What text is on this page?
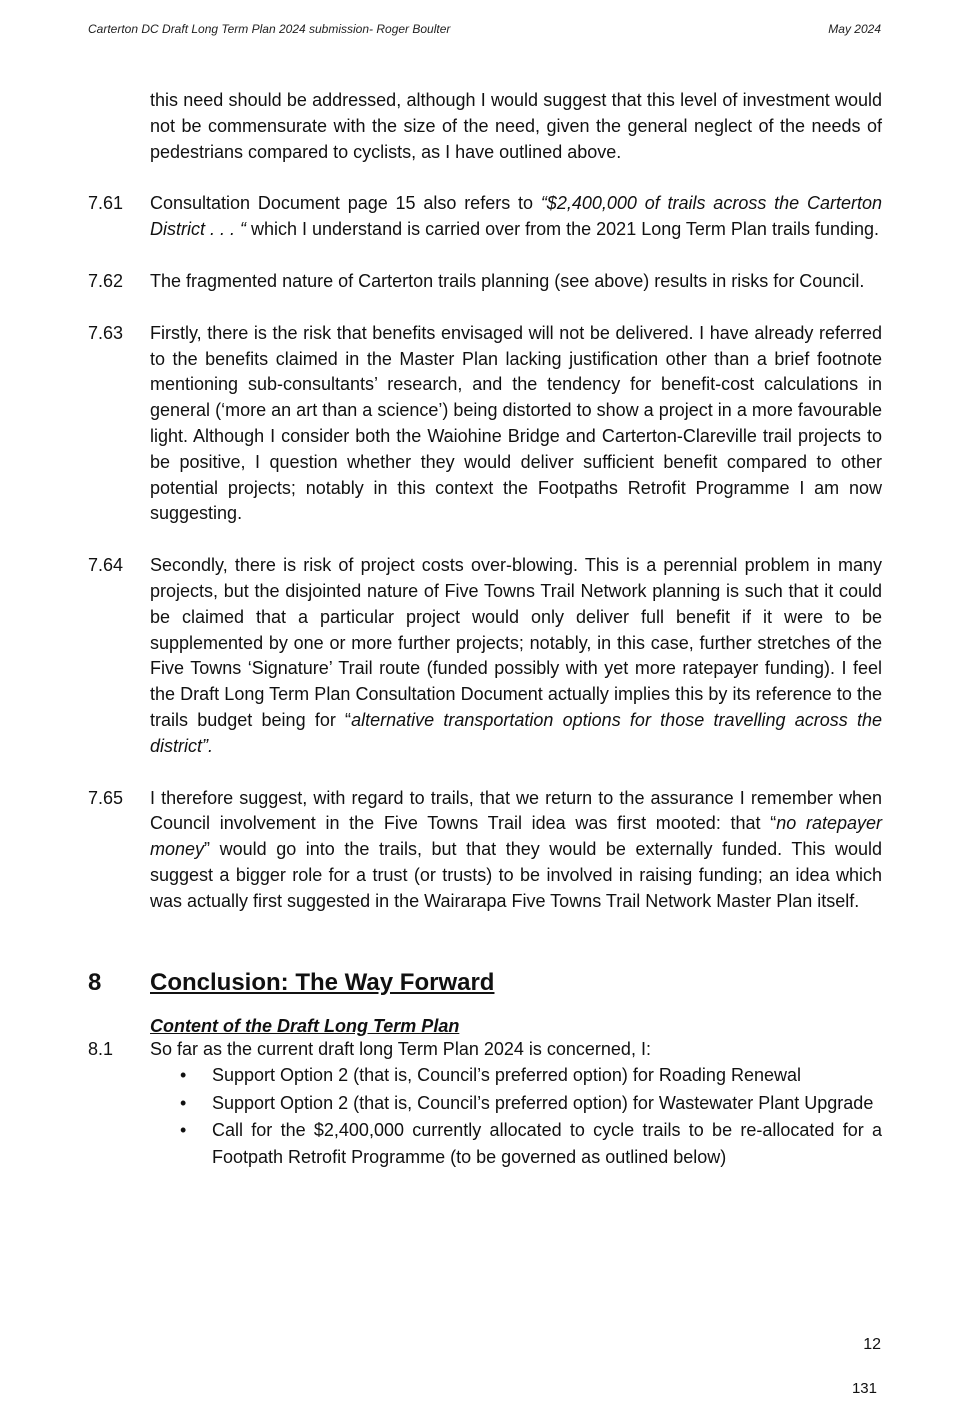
Carterton DC Draft Long Term Plan 2024 submission- Roger Boulter	May 2024
this need should be addressed, although I would suggest that this level of investment would not be commensurate with the size of the need, given the general neglect of the needs of pedestrians compared to cyclists, as I have outlined above.
7.61	Consultation Document page 15 also refers to “$2,400,000 of trails across the Carterton District . . . “ which I understand is carried over from the 2021 Long Term Plan trails funding.
7.62	The fragmented nature of Carterton trails planning (see above) results in risks for Council.
7.63	Firstly, there is the risk that benefits envisaged will not be delivered. I have already referred to the benefits claimed in the Master Plan lacking justification other than a brief footnote mentioning sub-consultants’ research, and the tendency for benefit-cost calculations in general (‘more an art than a science’) being distorted to show a project in a more favourable light. Although I consider both the Waiohine Bridge and Carterton-Clareville trail projects to be positive, I question whether they would deliver sufficient benefit compared to other potential projects; notably in this context the Footpaths Retrofit Programme I am now suggesting.
7.64	Secondly, there is risk of project costs over-blowing. This is a perennial problem in many projects, but the disjointed nature of Five Towns Trail Network planning is such that it could be claimed that a particular project would only deliver full benefit if it were to be supplemented by one or more further projects; notably, in this case, further stretches of the Five Towns ‘Signature’ Trail route (funded possibly with yet more ratepayer funding). I feel the Draft Long Term Plan Consultation Document actually implies this by its reference to the trails budget being for “alternative transportation options for those travelling across the district”.
7.65	I therefore suggest, with regard to trails, that we return to the assurance I remember when Council involvement in the Five Towns Trail idea was first mooted: that “no ratepayer money” would go into the trails, but that they would be externally funded. This would suggest a bigger role for a trust (or trusts) to be involved in raising funding; an idea which was actually first suggested in the Wairarapa Five Towns Trail Network Master Plan itself.
8 Conclusion: The Way Forward
Content of the Draft Long Term Plan
8.1 So far as the current draft long Term Plan 2024 is concerned, I:
• Support Option 2 (that is, Council’s preferred option) for Roading Renewal
• Support Option 2 (that is, Council’s preferred option) for Wastewater Plant Upgrade
• Call for the $2,400,000 currently allocated to cycle trails to be re-allocated for a Footpath Retrofit Programme (to be governed as outlined below)
12
131
